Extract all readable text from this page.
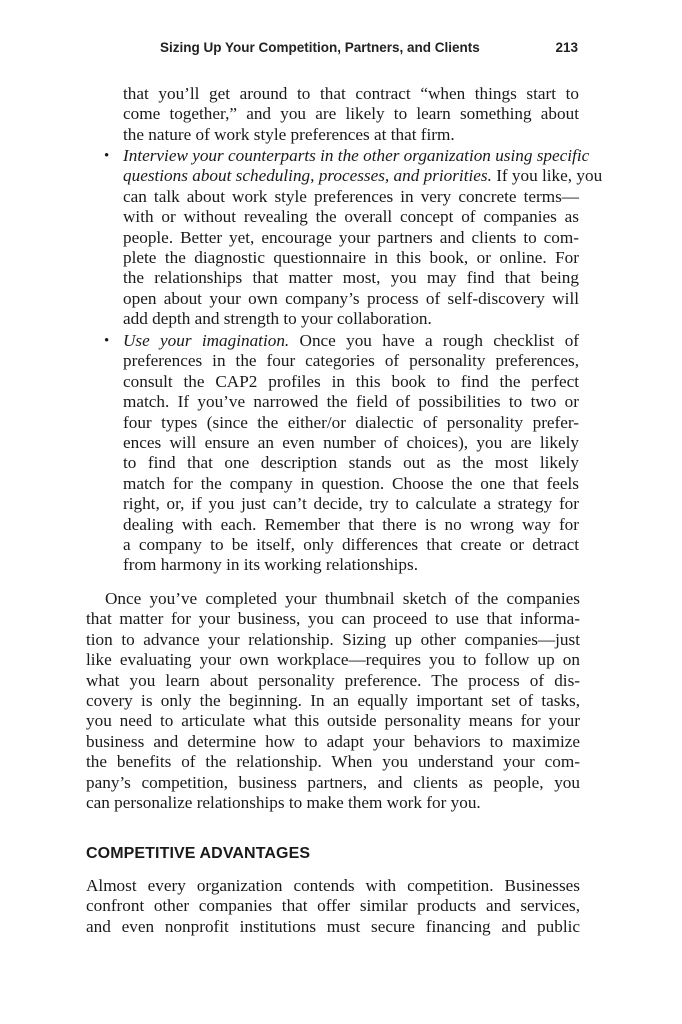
Sizing Up Your Competition, Partners, and Clients	213
that you’ll get around to that contract “when things start to
come together,” and you are likely to learn something about
the nature of work style preferences at that firm.
• Interview your counterparts in the other organization using specific
questions about scheduling, processes, and priorities. If you like, you
can talk about work style preferences in very concrete terms—
with or without revealing the overall concept of companies as
people. Better yet, encourage your partners and clients to com-
plete the diagnostic questionnaire in this book, or online. For
the relationships that matter most, you may find that being
open about your own company’s process of self-discovery will
add depth and strength to your collaboration.
• Use your imagination. Once you have a rough checklist of
preferences in the four categories of personality preferences,
consult the CAP2 profiles in this book to find the perfect
match. If you’ve narrowed the field of possibilities to two or
four types (since the either/or dialectic of personality prefer-
ences will ensure an even number of choices), you are likely
to find that one description stands out as the most likely
match for the company in question. Choose the one that feels
right, or, if you just can’t decide, try to calculate a strategy for
dealing with each. Remember that there is no wrong way for
a company to be itself, only differences that create or detract
from harmony in its working relationships.
Once you’ve completed your thumbnail sketch of the companies
that matter for your business, you can proceed to use that informa-
tion to advance your relationship. Sizing up other companies—just
like evaluating your own workplace—requires you to follow up on
what you learn about personality preference. The process of dis-
covery is only the beginning. In an equally important set of tasks,
you need to articulate what this outside personality means for your
business and determine how to adapt your behaviors to maximize
the benefits of the relationship. When you understand your com-
pany’s competition, business partners, and clients as people, you
can personalize relationships to make them work for you.
COMPETITIVE ADVANTAGES
Almost every organization contends with competition. Businesses
confront other companies that offer similar products and services,
and even nonprofit institutions must secure financing and public
